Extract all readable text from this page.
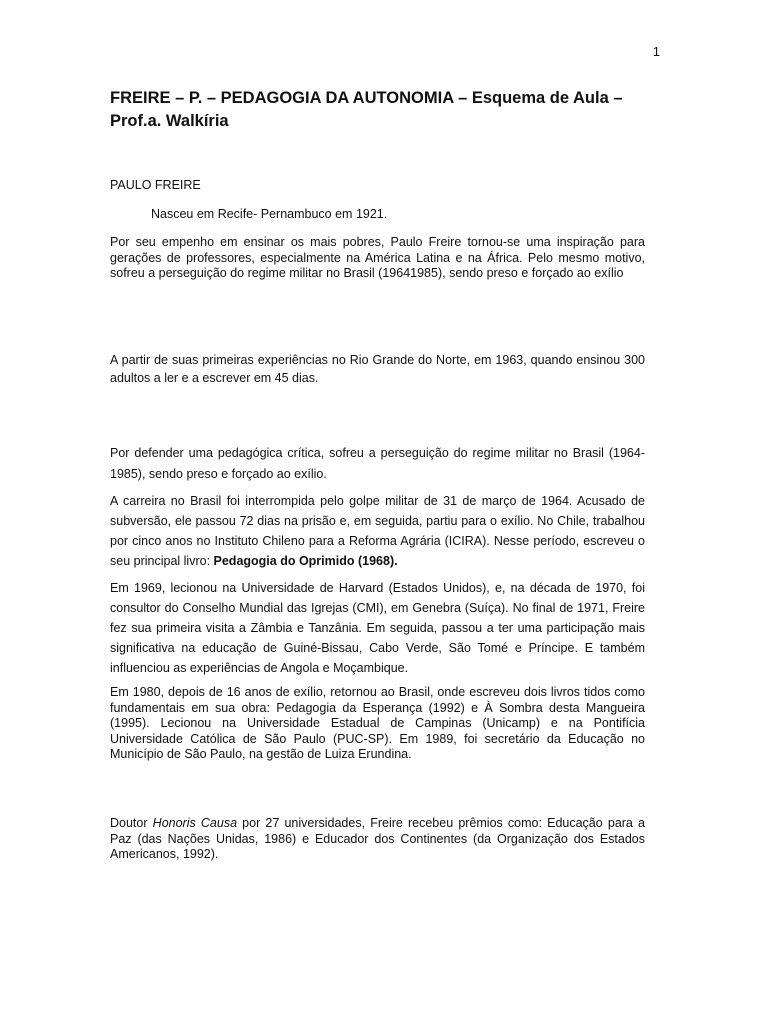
1
FREIRE – P. – PEDAGOGIA DA AUTONOMIA – Esquema de Aula – Prof.a. Walkíria
PAULO FREIRE
Nasceu em Recife- Pernambuco em 1921.

Por seu empenho em ensinar os mais pobres, Paulo Freire tornou-se uma inspiração para gerações de professores, especialmente na América Latina e na África. Pelo mesmo motivo, sofreu a perseguição do regime militar no Brasil (19641985), sendo preso e forçado ao exílio

A partir de suas primeiras experiências no Rio Grande do Norte, em 1963, quando ensinou 300 adultos a ler e a escrever em 45 dias.

Por defender uma pedagógica crítica, sofreu a perseguição do regime militar no Brasil (1964-1985), sendo preso e forçado ao exílio.

A carreira no Brasil foi interrompida pelo golpe militar de 31 de março de 1964. Acusado de subversão, ele passou 72 dias na prisão e, em seguida, partiu para o exílio. No Chile, trabalhou por cinco anos no Instituto Chileno para a Reforma Agrária (ICIRA). Nesse período, escreveu o seu principal livro: Pedagogia do Oprimido (1968).

Em 1969, lecionou na Universidade de Harvard (Estados Unidos), e, na década de 1970, foi consultor do Conselho Mundial das Igrejas (CMI), em Genebra (Suíça). No final de 1971, Freire fez sua primeira visita a Zâmbia e Tanzânia. Em seguida, passou a ter uma participação mais significativa na educação de Guiné-Bissau, Cabo Verde, São Tomé e Príncipe. E também influenciou as experiências de Angola e Moçambique.

Em 1980, depois de 16 anos de exílio, retornou ao Brasil, onde escreveu dois livros tidos como fundamentais em sua obra: Pedagogia da Esperança (1992) e À Sombra desta Mangueira (1995). Lecionou na Universidade Estadual de Campinas (Unicamp) e na Pontifícia Universidade Católica de São Paulo (PUC-SP). Em 1989, foi secretário da Educação no Município de São Paulo, na gestão de Luiza Erundina.

Doutor Honoris Causa por 27 universidades, Freire recebeu prêmios como: Educação para a Paz (das Nações Unidas, 1986) e Educador dos Continentes (da Organização dos Estados Americanos, 1992).
